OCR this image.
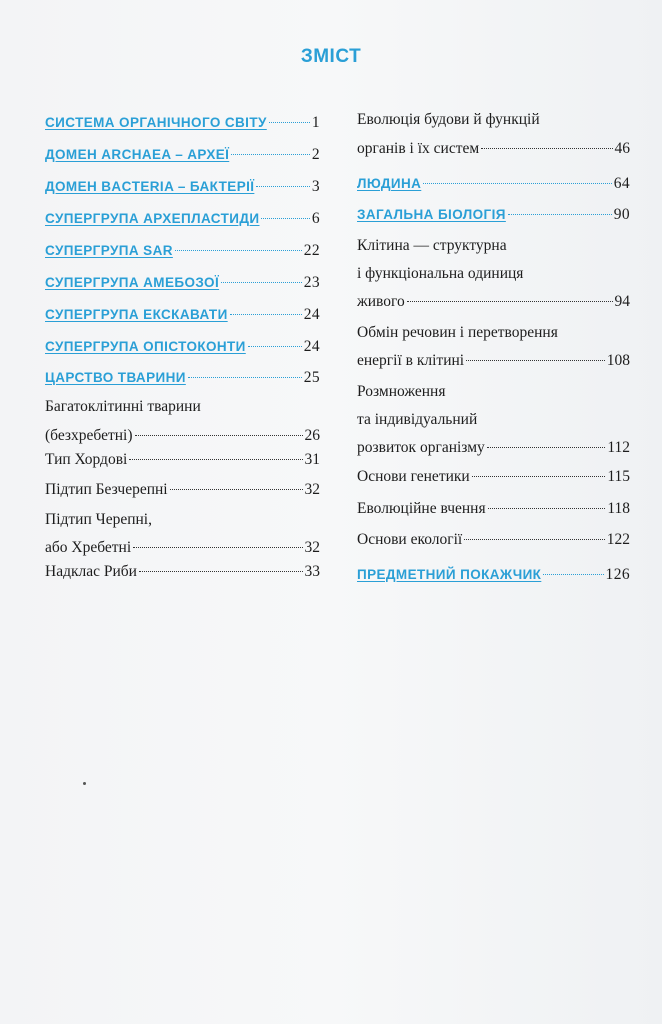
ЗМІСТ
СИСТЕМА ОРГАНІЧНОГО СВІТУ	1
ДОМЕН ARCHAEA – АРХЕЇ	2
ДОМЕН BACTERIA – БАКТЕРІЇ	3
СУПЕРГРУПА АРХЕПЛАСТИДИ	6
СУПЕРГРУПА SAR	22
СУПЕРГРУПА АМЕБОЗОЇ	23
СУПЕРГРУПА ЕКСКАВАТИ	24
СУПЕРГРУПА ОПІСТОКОНТИ	24
ЦАРСТВО ТВАРИНИ	25
Багатоклітинні тварини
(безхребетні)	26
Тип Хордові	31
Підтип Безчерепні	32
Підтип Черепні,
або Хребетні	32
Надклас Риби	33
Еволюція будови й функцій
органів і їх систем	46
ЛЮДИНА	64
ЗАГАЛЬНА БІОЛОГІЯ	90
Клітина — структурна
і функціональна одиниця
живого	94
Обмін речовин і перетворення
енергії в клітині	108
Розмноження
та індивідуальний
розвиток організму	112
Основи генетики	115
Еволюційне вчення	118
Основи екології	122
ПРЕДМЕТНИЙ ПОКАЖЧИК	126
